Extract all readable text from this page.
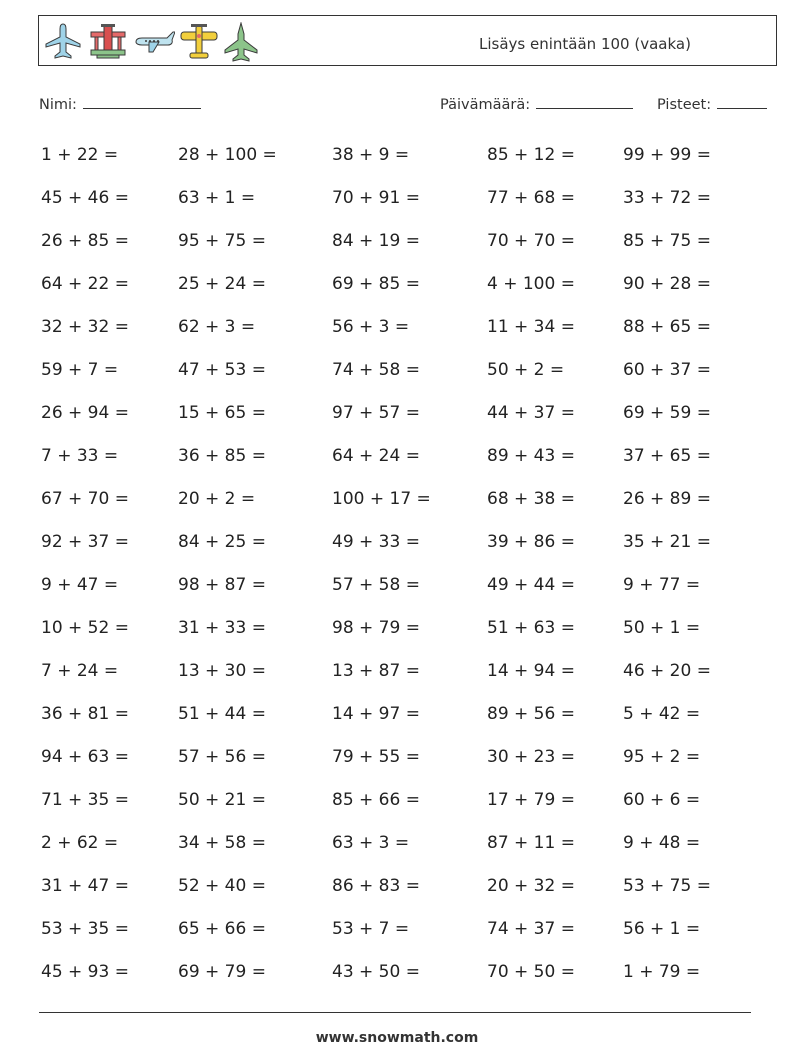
Lisäys enintään 100 (vaaka)
Nimi:	Päivämäärä:	Pisteet:
1 + 22 =	28 + 100 =	38 + 9 =	85 + 12 =	99 + 99 =
45 + 46 =	63 + 1 =	70 + 91 =	77 + 68 =	33 + 72 =
26 + 85 =	95 + 75 =	84 + 19 =	70 + 70 =	85 + 75 =
64 + 22 =	25 + 24 =	69 + 85 =	4 + 100 =	90 + 28 =
32 + 32 =	62 + 3 =	56 + 3 =	11 + 34 =	88 + 65 =
59 + 7 =	47 + 53 =	74 + 58 =	50 + 2 =	60 + 37 =
26 + 94 =	15 + 65 =	97 + 57 =	44 + 37 =	69 + 59 =
7 + 33 =	36 + 85 =	64 + 24 =	89 + 43 =	37 + 65 =
67 + 70 =	20 + 2 =	100 + 17 =	68 + 38 =	26 + 89 =
92 + 37 =	84 + 25 =	49 + 33 =	39 + 86 =	35 + 21 =
9 + 47 =	98 + 87 =	57 + 58 =	49 + 44 =	9 + 77 =
10 + 52 =	31 + 33 =	98 + 79 =	51 + 63 =	50 + 1 =
7 + 24 =	13 + 30 =	13 + 87 =	14 + 94 =	46 + 20 =
36 + 81 =	51 + 44 =	14 + 97 =	89 + 56 =	5 + 42 =
94 + 63 =	57 + 56 =	79 + 55 =	30 + 23 =	95 + 2 =
71 + 35 =	50 + 21 =	85 + 66 =	17 + 79 =	60 + 6 =
2 + 62 =	34 + 58 =	63 + 3 =	87 + 11 =	9 + 48 =
31 + 47 =	52 + 40 =	86 + 83 =	20 + 32 =	53 + 75 =
53 + 35 =	65 + 66 =	53 + 7 =	74 + 37 =	56 + 1 =
45 + 93 =	69 + 79 =	43 + 50 =	70 + 50 =	1 + 79 =
www.snowmath.com
